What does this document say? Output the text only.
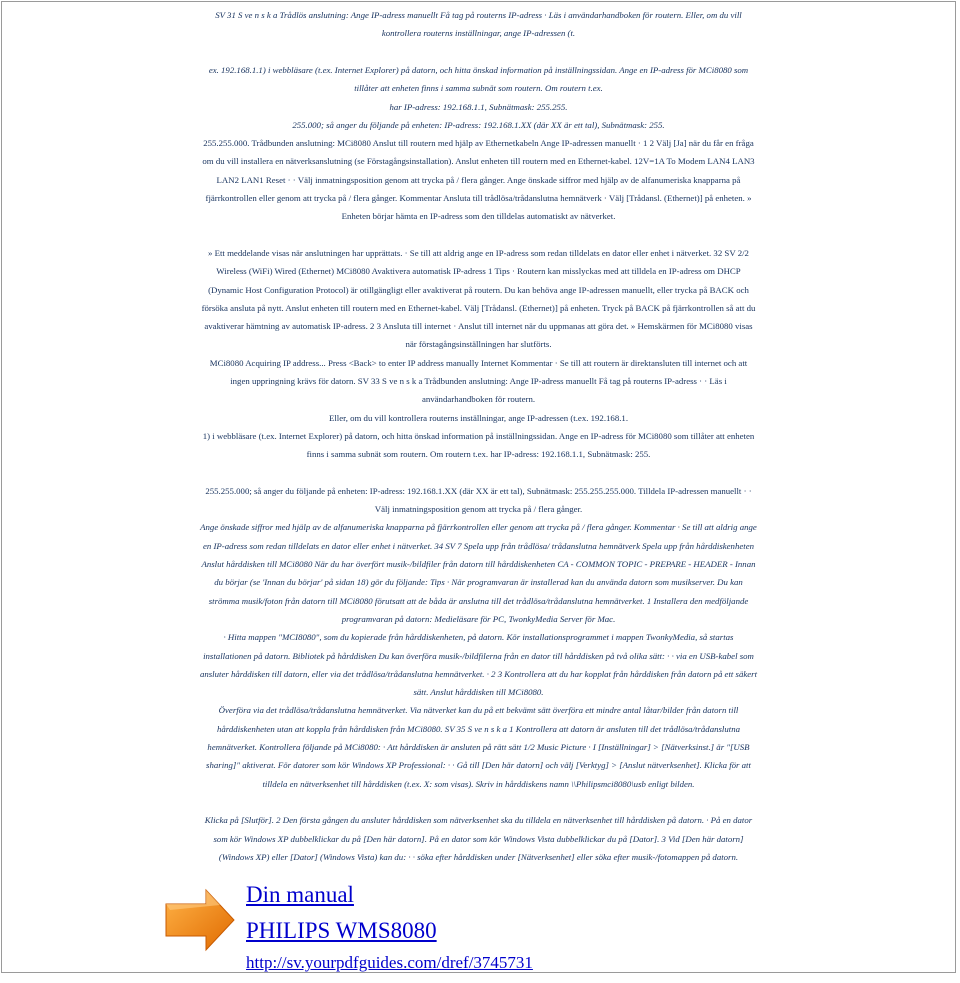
SV 31 S ve n s k a Trådlös anslutning: Ange IP-adress manuellt Få tag på routerns IP-adress · Läs i användarhandboken för routern. Eller, om du vill
kontrollera routerns inställningar, ange IP-adressen (t.
ex. 192.168.1.1) i webbläsare (t.ex. Internet Explorer) på datorn, och hitta önskad information på inställningssidan. Ange en IP-adress för MCi8080 som
tillåter att enheten finns i samma subnät som routern. Om routern t.ex.
har IP-adress: 192.168.1.1, Subnätmask: 255.255.
255.000; så anger du följande på enheten: IP-adress: 192.168.1.XX (där XX är ett tal), Subnätmask: 255.
255.255.000. Trådbunden anslutning: MCi8080 Anslut till routern med hjälp av Ethernetkabeln Ange IP-adressen manuellt · 1 2 Välj [Ja] när du får en fråga
om du vill installera en nätverksanslutning (se Förstagångsinstallation). Anslut enheten till routern med en Ethernet-kabel. 12V=1A To Modem LAN4 LAN3
LAN2 LAN1 Reset · · Välj inmatningsposition genom att trycka på / flera gånger. Ange önskade siffror med hjälp av de alfanumeriska knapparna på
fjärrkontrollen eller genom att trycka på / flera gånger. Kommentar Ansluta till trådlösa/trådanslutna hemnätverk · Välj [Trådansl. (Ethernet)] på enheten. »
Enheten börjar hämta en IP-adress som den tilldelas automatiskt av nätverket.
» Ett meddelande visas när anslutningen har upprättats. · Se till att aldrig ange en IP-adress som redan tilldelats en dator eller enhet i nätverket. 32 SV 2/2
Wireless (WiFi) Wired (Ethernet) MCi8080 Avaktivera automatisk IP-adress 1 Tips · Routern kan misslyckas med att tilldela en IP-adress om DHCP
(Dynamic Host Configuration Protocol) är otillgängligt eller avaktiverat på routern. Du kan behöva ange IP-adressen manuellt, eller trycka på BACK och
försöka ansluta på nytt. Anslut enheten till routern med en Ethernet-kabel. Välj [Trådansl. (Ethernet)] på enheten. Tryck på BACK på fjärrkontrollen så att du
avaktiverar hämtning av automatisk IP-adress. 2 3 Ansluta till internet · Anslut till internet när du uppmanas att göra det. » Hemskärmen för MCi8080 visas
när förstagångsinställningen har slutförts.
MCi8080 Acquiring IP address... Press <Back> to enter IP address manually Internet Kommentar · Se till att routern är direktansluten till internet och att
ingen uppringning krävs för datorn. SV 33 S ve n s k a Trådbunden anslutning: Ange IP-adress manuellt Få tag på routerns IP-adress · · Läs i
användarhandboken för routern.
Eller, om du vill kontrollera routerns inställningar, ange IP-adressen (t.ex. 192.168.1.
1) i webbläsare (t.ex. Internet Explorer) på datorn, och hitta önskad information på inställningssidan. Ange en IP-adress för MCi8080 som tillåter att enheten
finns i samma subnät som routern. Om routern t.ex. har IP-adress: 192.168.1.1, Subnätmask: 255.
255.255.000; så anger du följande på enheten: IP-adress: 192.168.1.XX (där XX är ett tal), Subnätmask: 255.255.255.000. Tilldela IP-adressen manuellt · ·
Välj inmatningsposition genom att trycka på / flera gånger.
Ange önskade siffror med hjälp av de alfanumeriska knapparna på fjärrkontrollen eller genom att trycka på / flera gånger. Kommentar · Se till att aldrig ange
en IP-adress som redan tilldelats en dator eller enhet i nätverket. 34 SV 7 Spela upp från trådlösa/ trådanslutna hemnätverk Spela upp från hårddiskenheten
Anslut hårddisken till MCi8080 När du har överfört musik-/bildfiler från datorn till hårddiskenheten CA - COMMON TOPIC - PREPARE - HEADER - Innan
du börjar (se 'Innan du börjar' på sidan 18) gör du följande: Tips · När programvaran är installerad kan du använda datorn som musikserver. Du kan
strömma musik/foton från datorn till MCi8080 förutsatt att de båda är anslutna till det trådlösa/trådanslutna hemnätverket. 1 Installera den medföljande
programvaran på datorn: Medieläsare för PC, TwonkyMedia Server för Mac.
· Hitta mappen "MCI8080", som du kopierade från hårddiskenheten, på datorn. Kör installationsprogrammet i mappen TwonkyMedia, så startas
installationen på datorn. Bibliotek på hårddisken Du kan överföra musik-/bildfilerna från en dator till hårddisken på två olika sätt: · · via en USB-kabel som
ansluter hårddisken till datorn, eller via det trådlösa/trådanslutna hemnätverket. · 2 3 Kontrollera att du har kopplat från hårddisken från datorn på ett säkert
sätt. Anslut hårddisken till MCi8080.
Överföra via det trådlösa/trådanslutna hemnätverket. Via nätverket kan du på ett bekvämt sätt överföra ett mindre antal låtar/bilder från datorn till
hårddiskenheten utan att koppla från hårddisken från MCi8080. SV 35 S ve n s k a 1 Kontrollera att datorn är ansluten till det trådlösa/trådanslutna
hemnätverket. Kontrollera följande på MCi8080: · Att hårddisken är ansluten på rätt sätt 1/2 Music Picture · I [Inställningar] > [Nätverksinst.] är "[USB
sharing]" aktiverat. För datorer som kör Windows XP Professional: · · Gå till [Den här datorn] och välj [Verktyg] > [Anslut nätverksenhet]. Klicka för att
tilldela en nätverksenhet till hårddisken (t.ex. X: som visas). Skriv in hårddiskens namn \\Philipsmci8080\usb enligt bilden.
Klicka på [Slutför]. 2 Den första gången du ansluter hårddisken som nätverksenhet ska du tilldela en nätverksenhet till hårddisken på datorn. · På en dator
som kör Windows XP dubbelklickar du på [Den här datorn]. På en dator som kör Windows Vista dubbelklickar du på [Dator]. 3 Vid [Den här datorn]
(Windows XP) eller [Dator] (Windows Vista) kan du: · · söka efter hårddisken under [Nätverksenhet] eller söka efter musik-/fotomappen på datorn.
Din manual
PHILIPS WMS8080
http://sv.yourpdfguides.com/dref/3745731
